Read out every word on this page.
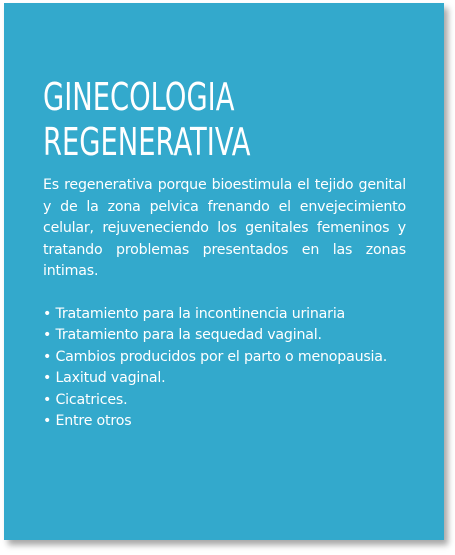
GINECOLOGIA
REGENERATIVA

Es regenerativa porque bioestimula el tejido genital y de la zona pelvica frenando el envejecimiento celular, rejuveneciendo los genitales femeninos y tratando problemas presentados en las zonas intimas.

• Tratamiento para la incontinencia urinaria
• Tratamiento para la sequedad vaginal.
• Cambios producidos por el parto o menopausia.
• Laxitud vaginal.
• Cicatrices.
• Entre otros
